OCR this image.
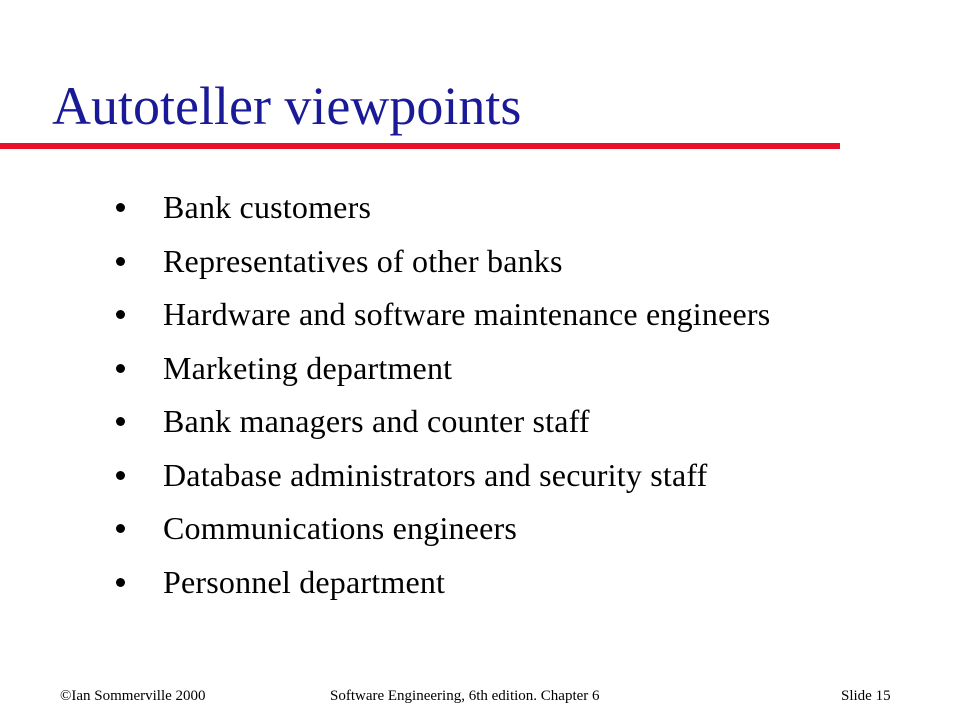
Autoteller viewpoints
Bank customers
Representatives of other banks
Hardware and software maintenance engineers
Marketing department
Bank managers and counter staff
Database administrators and security staff
Communications engineers
Personnel department
©Ian Sommerville 2000	Software Engineering, 6th edition. Chapter 6	Slide 15
